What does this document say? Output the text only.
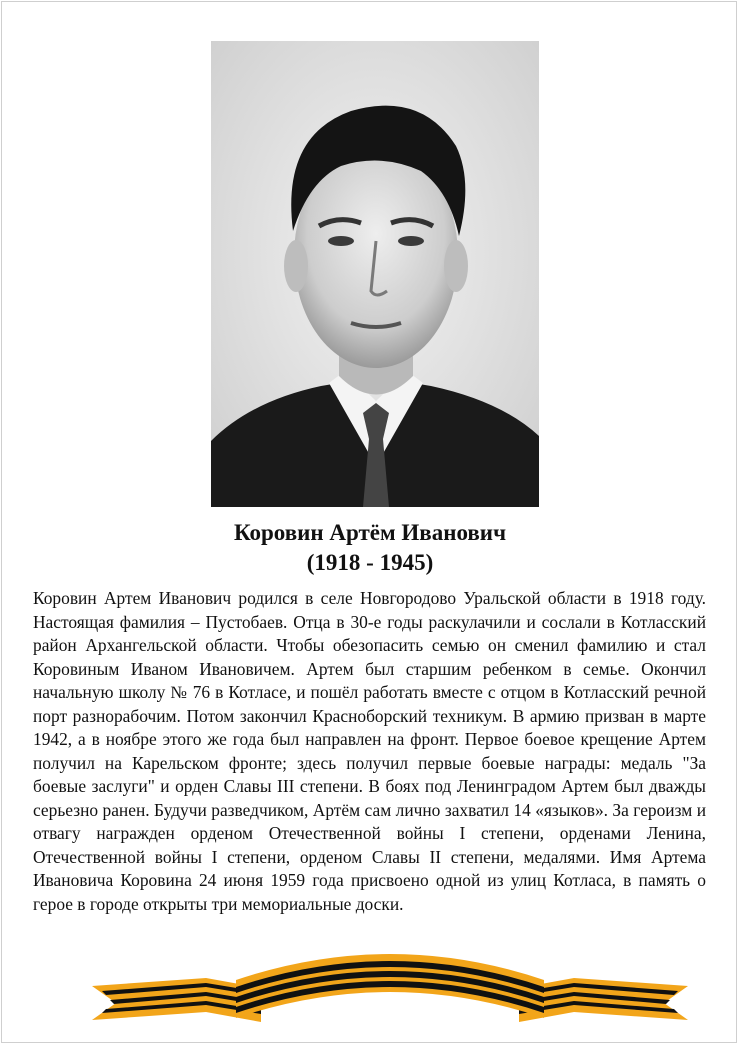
Коровин Артём Иванович
(1918 - 1945)
Коровин Артем Иванович родился в селе Новгородово Уральской области в 1918 году. Настоящая фамилия – Пустобаев. Отца в 30-е годы раскулачили и сослали в Котласский район Архангельской области. Чтобы обезопасить семью он сменил фамилию и стал Коровиным Иваном Ивановичем. Артем был старшим ребенком в семье. Окончил начальную школу № 76 в Котласе, и пошёл работать вместе с отцом в Котласский речной порт разнорабочим. Потом закончил Красноборский техникум. В армию призван в марте 1942, а в ноябре этого же года был направлен на фронт. Первое боевое крещение Артем получил на Карельском фронте; здесь получил первые боевые награды: медаль "За боевые заслуги" и орден Славы III степени. В боях под Ленинградом Артем был дважды серьезно ранен. Будучи разведчиком, Артём сам лично захватил 14 «языков». За героизм и отвагу награжден орденом Отечественной войны I степени, орденами Ленина, Отечественной войны I степени, орденом Славы II степени, медалями. Имя Артема Ивановича Коровина 24 июня 1959 года присвоено одной из улиц Котласа, в память о герое в городе открыты три мемориальные доски.
